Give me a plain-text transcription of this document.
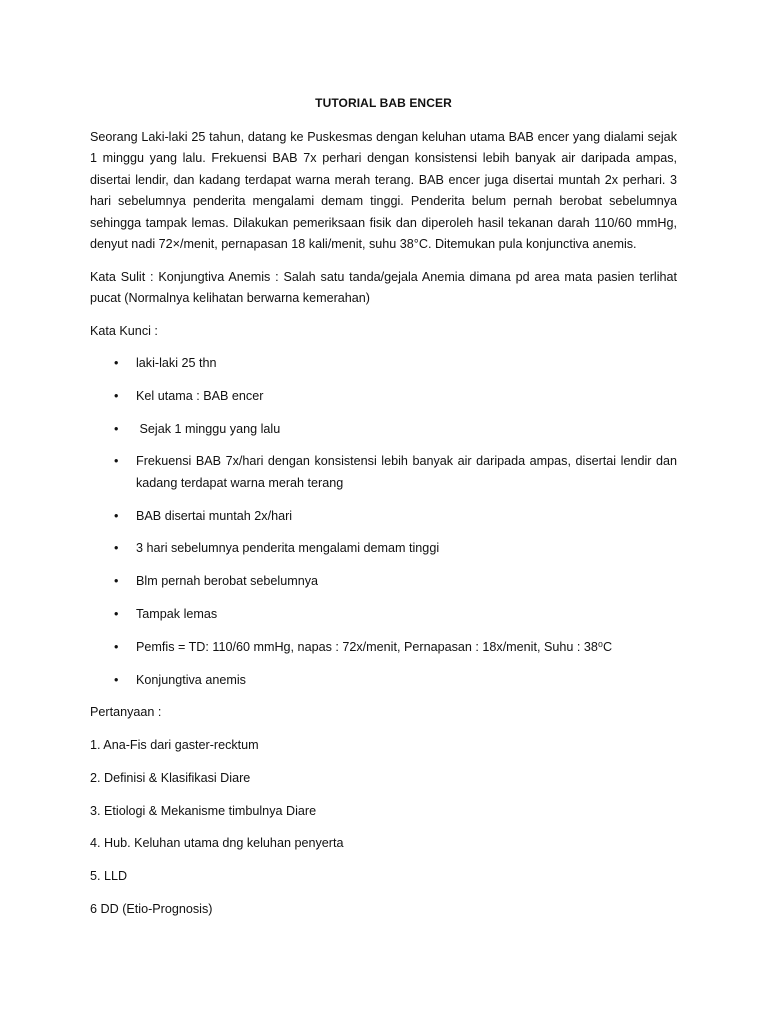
TUTORIAL BAB ENCER

Seorang Laki-laki 25 tahun, datang ke Puskesmas dengan keluhan utama BAB encer yang dialami sejak 1 minggu yang lalu. Frekuensi BAB 7x perhari dengan konsistensi lebih banyak air daripada ampas, disertai lendir, dan kadang terdapat warna merah terang. BAB encer juga disertai muntah 2x perhari. 3 hari sebelumnya penderita mengalami demam tinggi. Penderita belum pernah berobat sebelumnya sehingga tampak lemas. Dilakukan pemeriksaan fisik dan diperoleh hasil tekanan darah 110/60 mmHg, denyut nadi 72×/menit, pernapasan 18 kali/menit, suhu 38°C. Ditemukan pula konjunctiva anemis.

Kata Sulit : Konjungtiva Anemis : Salah satu tanda/gejala Anemia dimana pd area mata pasien terlihat pucat (Normalnya kelihatan berwarna kemerahan)

Kata Kunci :

• laki-laki 25 thn
• Kel utama : BAB encer
• Sejak 1 minggu yang lalu
• Frekuensi BAB 7x/hari dengan konsistensi lebih banyak air daripada ampas, disertai lendir dan kadang terdapat warna merah terang
• BAB disertai muntah 2x/hari
• 3 hari sebelumnya penderita mengalami demam tinggi
• Blm pernah berobat sebelumnya
• Tampak lemas
• Pemfis = TD: 110/60 mmHg, napas : 72x/menit, Pernapasan : 18x/menit, Suhu : 38⁰C
• Konjungtiva anemis

Pertanyaan :

1. Ana-Fis dari gaster-recktum
2. Definisi & Klasifikasi Diare
3. Etiologi & Mekanisme timbulnya Diare
4. Hub. Keluhan utama dng keluhan penyerta
5. LLD
6 DD (Etio-Prognosis)
